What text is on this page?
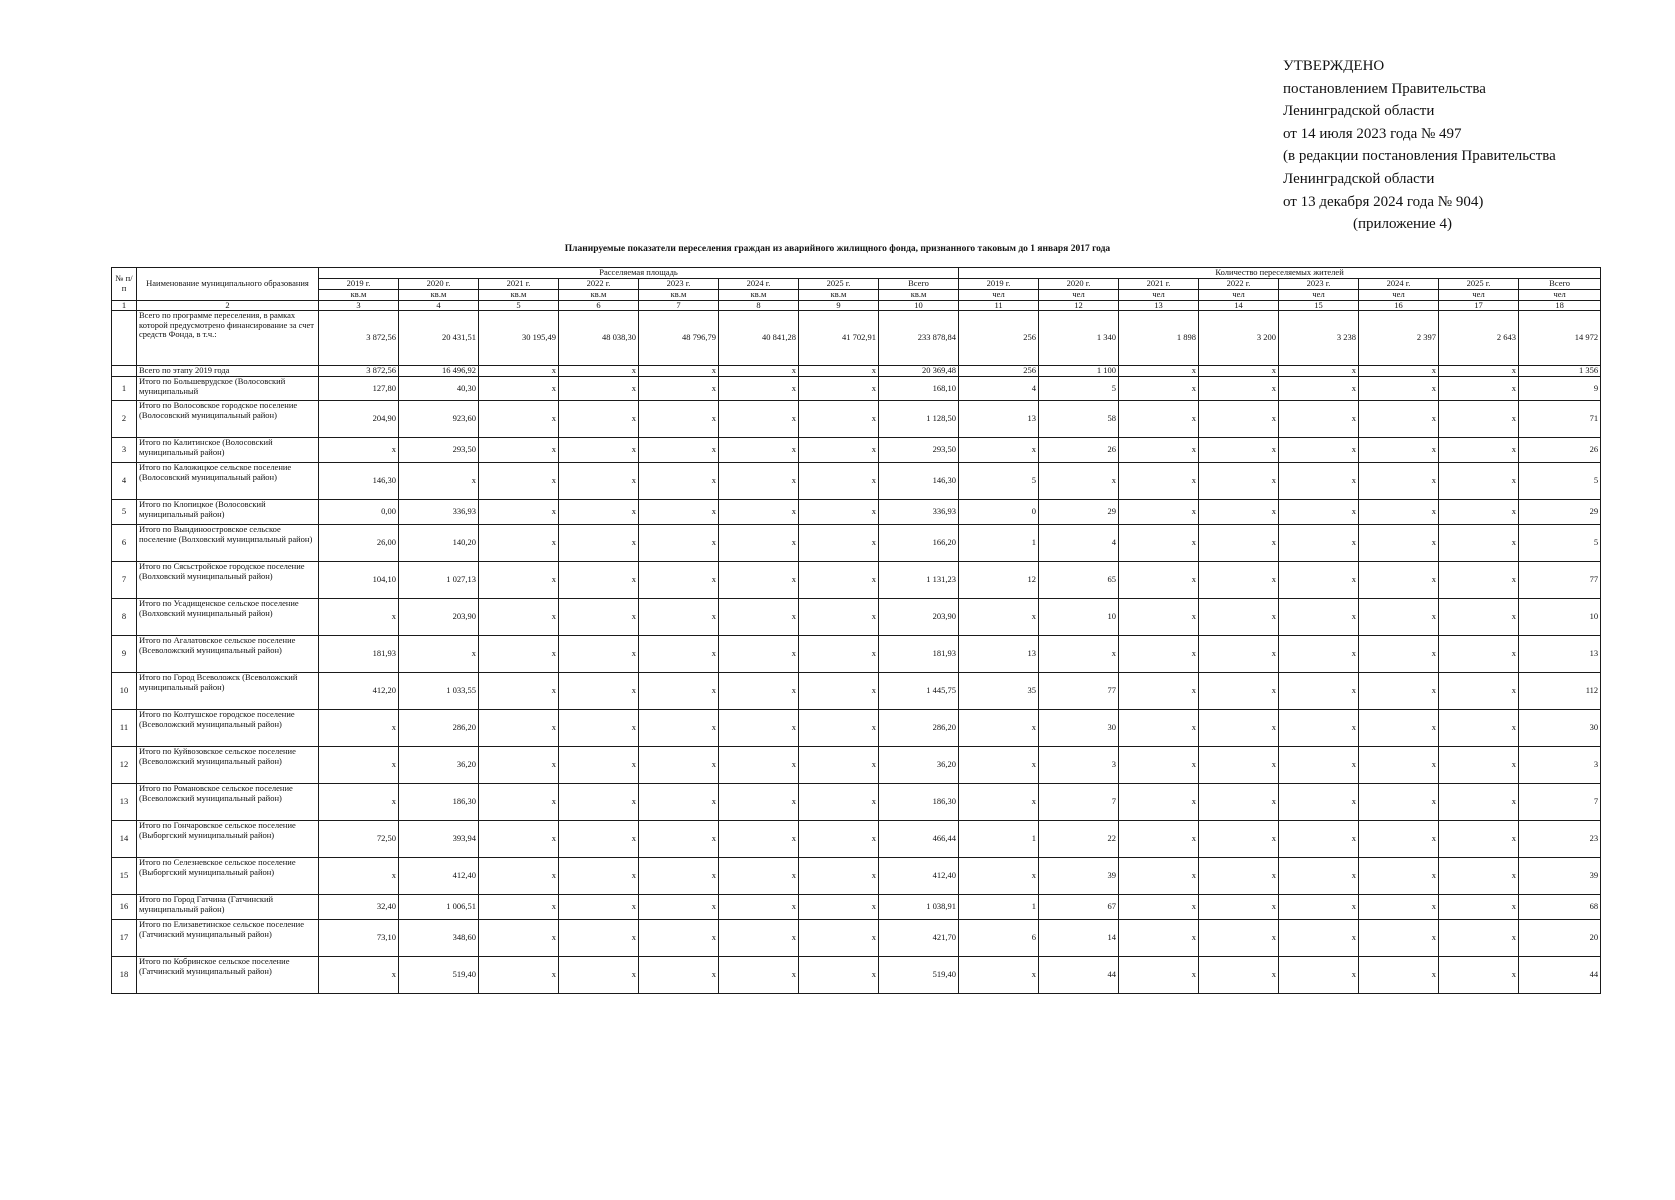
УТВЕРЖДЕНО
постановлением Правительства
Ленинградской области
от 14 июля 2023 года № 497
(в редакции постановления Правительства
Ленинградской области
от 13 декабря 2024 года № 904)
(приложение 4)
Планируемые показатели переселения граждан из аварийного жилищного фонда, признанного таковым до 1 января 2017 года
№ п/п	Наименование муниципального образования	Расселяемая площадь								Количество переселяемых жителей							
		2019 г.	2020 г.	2021 г.	2022 г.	2023 г.	2024 г.	2025 г.	Всего	2019 г.	2020 г.	2021 г.	2022 г.	2023 г.	2024 г.	2025 г.	Всего
		кв.м	кв.м	кв.м	кв.м	кв.м	кв.м	кв.м	кв.м	чел	чел	чел	чел	чел	чел	чел	чел
1	2	3	4	5	6	7	8	9	10	11	12	13	14	15	16	17	18
	Всего по программе переселения, в рамках которой предусмотрено финансирование за счет средств Фонда, в т.ч.:	3 872,56	20 431,51	30 195,49	48 038,30	48 796,79	40 841,28	41 702,91	233 878,84	256	1 340	1 898	3 200	3 238	2 397	2 643	14 972
	Всего по этапу 2019 года	3 872,56	16 496,92	x	x	x	x	x	20 369,48	256	1 100	x	x	x	x	x	1 356
1	Итого по Большеврудское (Волосовский муниципальный	127,80	40,30	x	x	x	x	x	168,10	4	5	x	x	x	x	x	9
2	Итого по Волосовское городское поселение (Волосовский муниципальный район)	204,90	923,60	x	x	x	x	x	1 128,50	13	58	x	x	x	x	x	71
3	Итого по Калитинское (Волосовский муниципальный район)	x	293,50	x	x	x	x	x	293,50	x	26	x	x	x	x	x	26
4	Итого по Каложицкое сельское поселение (Волосовский муниципальный район)	146,30	x	x	x	x	x	x	146,30	5	x	x	x	x	x	x	5
5	Итого по Клопицкое (Волосовский муниципальный район)	0,00	336,93	x	x	x	x	x	336,93	0	29	x	x	x	x	x	29
6	Итого по Вындиноостровское сельское поселение (Волховский муниципальный район)	26,00	140,20	x	x	x	x	x	166,20	1	4	x	x	x	x	x	5
7	Итого по Сясьстройское городское поселение (Волховский муниципальный район)	104,10	1 027,13	x	x	x	x	x	1 131,23	12	65	x	x	x	x	x	77
8	Итого по Усадищенское сельское поселение (Волховский муниципальный район)	x	203,90	x	x	x	x	x	203,90	x	10	x	x	x	x	x	10
9	Итого по Агалатовское сельское поселение (Всеволожский муниципальный район)	181,93	x	x	x	x	x	x	181,93	13	x	x	x	x	x	x	13
10	Итого по Город Всеволожск (Всеволожский муниципальный район)	412,20	1 033,55	x	x	x	x	x	1 445,75	35	77	x	x	x	x	x	112
11	Итого по Колтушское городское поселение (Всеволожский муниципальный район)	x	286,20	x	x	x	x	x	286,20	x	30	x	x	x	x	x	30
12	Итого по Куйвозовское сельское поселение (Всеволожский муниципальный район)	x	36,20	x	x	x	x	x	36,20	x	3	x	x	x	x	x	3
13	Итого по Романовское сельское поселение (Всеволожский муниципальный район)	x	186,30	x	x	x	x	x	186,30	x	7	x	x	x	x	x	7
14	Итого по Гончаровское сельское поселение (Выборгский муниципальный район)	72,50	393,94	x	x	x	x	x	466,44	1	22	x	x	x	x	x	23
15	Итого по Селезневское сельское поселение (Выборгский муниципальный район)	x	412,40	x	x	x	x	x	412,40	x	39	x	x	x	x	x	39
16	Итого по Город Гатчина (Гатчинский муниципальный район)	32,40	1 006,51	x	x	x	x	x	1 038,91	1	67	x	x	x	x	x	68
17	Итого по Елизаветинское сельское поселение (Гатчинский муниципальный район)	73,10	348,60	x	x	x	x	x	421,70	6	14	x	x	x	x	x	20
18	Итого по Кобринское сельское поселение (Гатчинский муниципальный район)	x	519,40	x	x	x	x	x	519,40	x	44	x	x	x	x	x	44
